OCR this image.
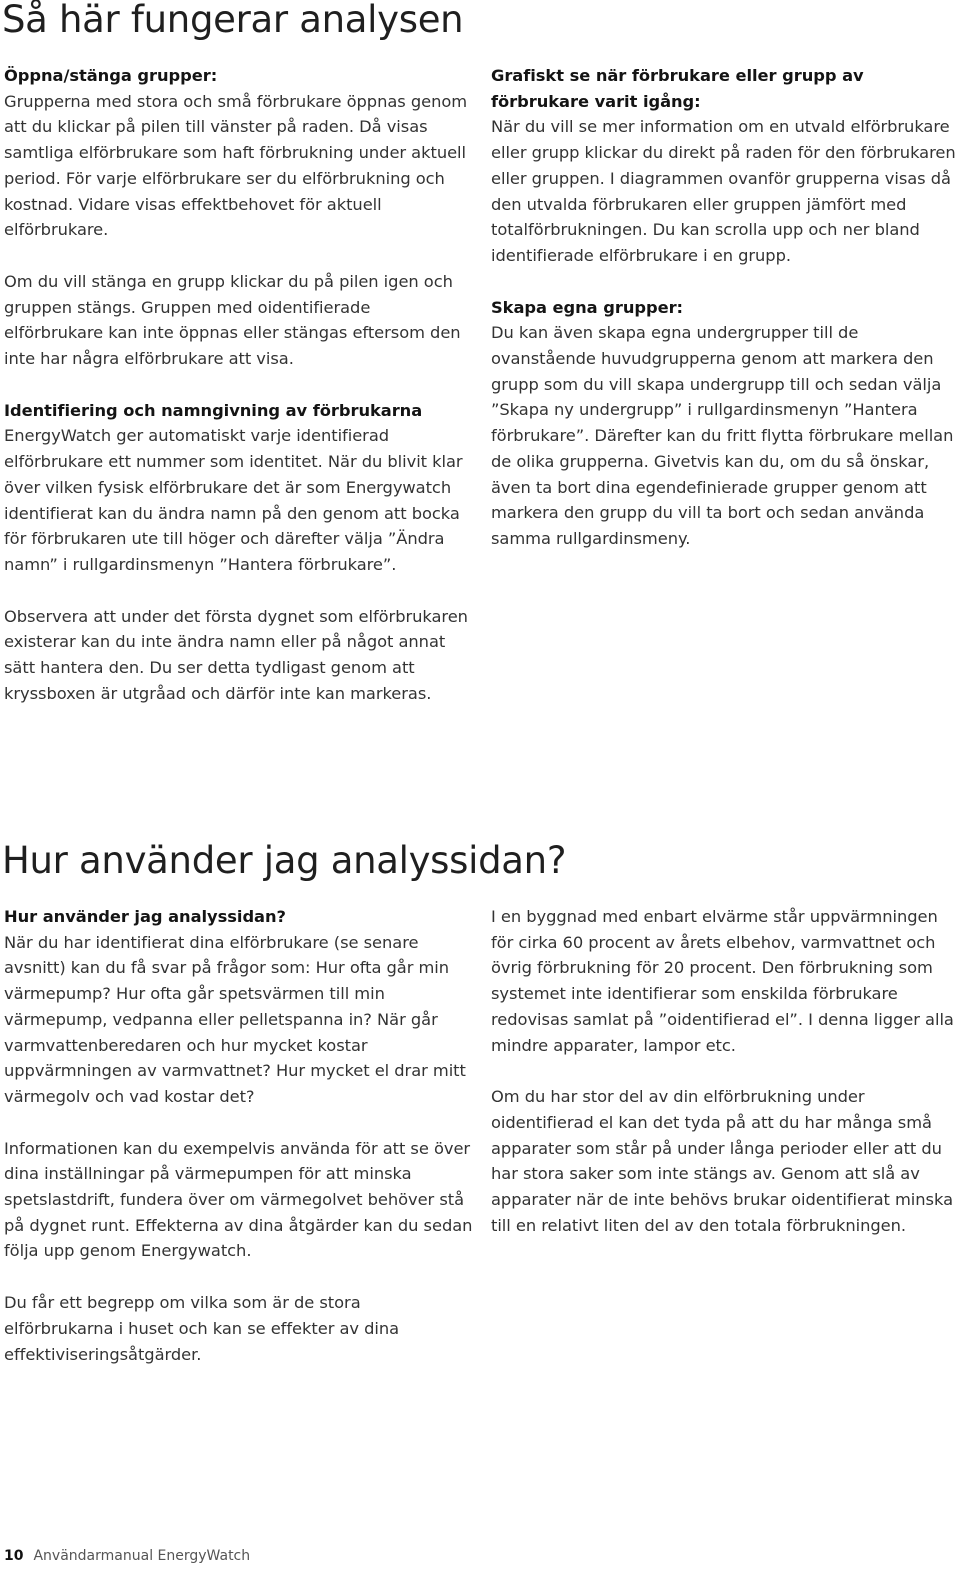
Så här fungerar analysen

Öppna/stänga grupper:
Grupperna med stora och små förbrukare öppnas genom att du klickar på pilen till vänster på raden. Då visas samtliga elförbrukare som haft förbrukning under aktuell period. För varje elförbrukare ser du elförbrukning och kostnad. Vidare visas effektbehovet för aktuell elförbrukare.

Om du vill stänga en grupp klickar du på pilen igen och gruppen stängs. Gruppen med oidentifierade elförbrukare kan inte öppnas eller stängas eftersom den inte har några elförbrukare att visa.

Identifiering och namngivning av förbrukarna
EnergyWatch ger automatiskt varje identifierad elförbrukare ett nummer som identitet. När du blivit klar över vilken fysisk elförbrukare det är som Energywatch identifierat kan du ändra namn på den genom att bocka för förbrukaren ute till höger och därefter välja ”Ändra namn” i rullgardinsmenyn ”Hantera förbrukare”.

Observera att under det första dygnet som elförbrukaren existerar kan du inte ändra namn eller på något annat sätt hantera den. Du ser detta tydligast genom att kryssboxen är utgråad och därför inte kan markeras.

Grafiskt se när förbrukare eller grupp av förbrukare varit igång:
När du vill se mer information om en utvald elförbrukare eller grupp klickar du direkt på raden för den förbrukaren eller gruppen. I diagrammen ovanför grupperna visas då den utvalda förbrukaren eller gruppen jämfört med totalförbrukningen. Du kan scrolla upp och ner bland identifierade elförbrukare i en grupp.

Skapa egna grupper:
Du kan även skapa egna undergrupper till de ovanstående huvudgrupperna genom att markera den grupp som du vill skapa undergrupp till och sedan välja ”Skapa ny undergrupp” i rullgardinsmenyn ”Hantera förbrukare”. Därefter kan du fritt flytta förbrukare mellan de olika grupperna. Givetvis kan du, om du så önskar, även ta bort dina egendefinierade grupper genom att markera den grupp du vill ta bort och sedan använda samma rullgardinsmeny.

Hur använder jag analyssidan?

Hur använder jag analyssidan?
När du har identifierat dina elförbrukare (se senare avsnitt) kan du få svar på frågor som: Hur ofta går min värmepump? Hur ofta går spetsvärmen till min värmepump, vedpanna eller pelletspanna in? När går varmvattenberedaren och hur mycket kostar uppvärmningen av varmvattnet? Hur mycket el drar mitt värmegolv och vad kostar det?

Informationen kan du exempelvis använda för att se över dina inställningar på värmepumpen för att minska spetslastdrift, fundera över om värmegolvet behöver stå på dygnet runt. Effekterna av dina åtgärder kan du sedan följa upp genom Energywatch.

Du får ett begrepp om vilka som är de stora elförbrukarna i huset och kan se effekter av dina effektiviseringsåtgärder.

I en byggnad med enbart elvärme står uppvärmningen för cirka 60 procent av årets elbehov, varmvattnet och övrig förbrukning för 20 procent. Den förbrukning som systemet inte identifierar som enskilda förbrukare redovisas samlat på ”oidentifierad el”. I denna ligger alla mindre apparater, lampor etc.

Om du har stor del av din elförbrukning under oidentifierad el kan det tyda på att du har många små apparater som står på under långa perioder eller att du har stora saker som inte stängs av. Genom att slå av apparater när de inte behövs brukar oidentifierat minska till en relativt liten del av den totala förbrukningen.

10 Användarmanual EnergyWatch
